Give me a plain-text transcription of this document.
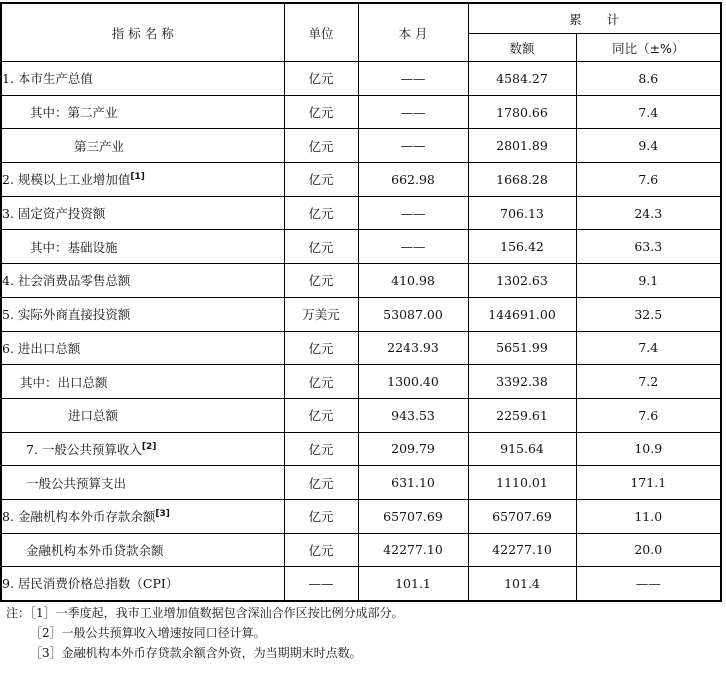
指 标 名 称	单位	本 月	累　　计	
			数额	同比（±%）
1. 本市生产总值	亿元	——	4584.27	8.6
其中：第二产业	亿元	——	1780.66	7.4
第三产业	亿元	——	2801.89	9.4
2. 规模以上工业增加值[1]	亿元	662.98	1668.28	7.6
3. 固定资产投资额	亿元	——	706.13	24.3
其中：基础设施	亿元	——	156.42	63.3
4. 社会消费品零售总额	亿元	410.98	1302.63	9.1
5. 实际外商直接投资额	万美元	53087.00	144691.00	32.5
6. 进出口总额	亿元	2243.93	5651.99	7.4
其中：出口总额	亿元	1300.40	3392.38	7.2
进口总额	亿元	943.53	2259.61	7.6
7. 一般公共预算收入[2]	亿元	209.79	915.64	10.9
一般公共预算支出	亿元	631.10	1110.01	171.1
8. 金融机构本外币存款余额[3]	亿元	65707.69	65707.69	11.0
金融机构本外币贷款余额	亿元	42277.10	42277.10	20.0
9. 居民消费价格总指数（CPI）	——	101.1	101.4	——
注：［1］一季度起，我市工业增加值数据包含深汕合作区按比例分成部分。
［2］一般公共预算收入增速按同口径计算。
［3］金融机构本外币存贷款余额含外资，为当期期末时点数。
